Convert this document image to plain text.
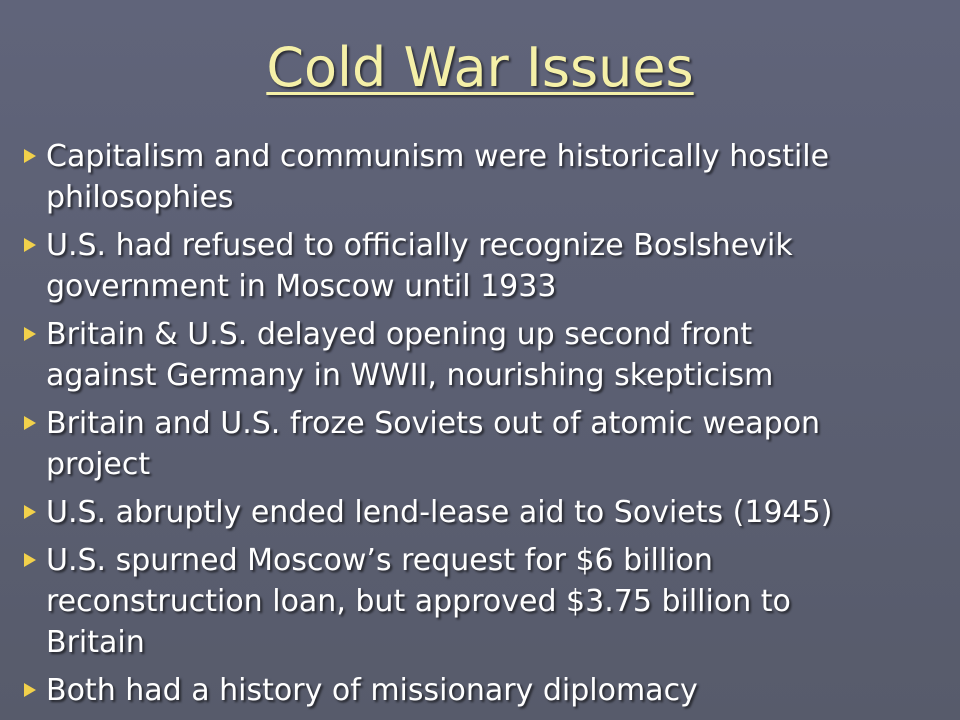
Cold War Issues
Capitalism and communism were historically hostile
philosophies
U.S. had refused to officially recognize Boslshevik
government in Moscow until 1933
Britain & U.S. delayed opening up second front
against Germany in WWII, nourishing skepticism
Britain and U.S. froze Soviets out of atomic weapon
project
U.S. abruptly ended lend-lease aid to Soviets (1945)
U.S. spurned Moscow’s request for $6 billion
reconstruction loan, but approved $3.75 billion to
Britain
Both had a history of missionary diplomacy
